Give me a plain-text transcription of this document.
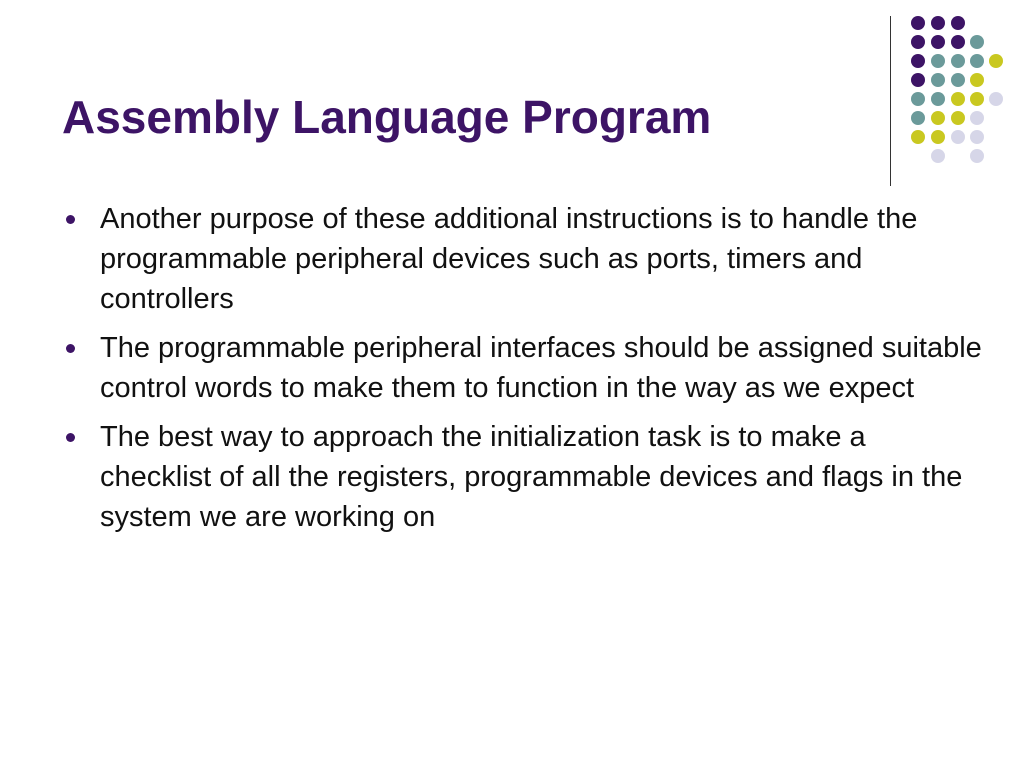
Assembly Language Program
Another purpose of these additional instructions is to handle the programmable peripheral devices such as ports, timers and controllers
The programmable peripheral interfaces should be assigned suitable control words to make them to function in the way as we expect
The best way to approach the initialization task is to make a checklist of all the registers, programmable devices and flags in the system we are working on
